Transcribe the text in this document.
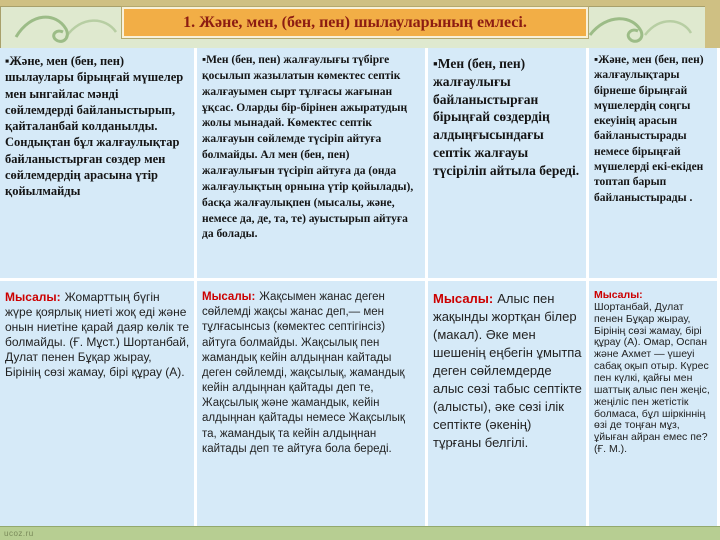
1. Жәнe, мен, (бен, пен) шылауларының емлесі.
▪Жәнe, мен (бен, пен) шылаулары бірыңғай мүшелер мен ынгайлас мәнді сөйлемдерді байланыстырып, қайталанбай колданылды. Сондықтан бұл жалғаулықтар байланыстырған сөздер мен сөйлемдердің арасына үтір қойылмайды
▪Мен (бен, пен) жалғаулығы түбірге қосылып жазылатын көмектес септік жалғауымен сырт тұлғасы жағынан ұқсас. Оларды бір-бірінен ажыратудың жолы мынадай. Көмектес септік жалғауын сөйлемде түсіріп айтуға болмайды. Ал мен (бен, пен) жалғаулығын түсіріп айтуға да (онда жалғаулықтың орнына үтір қойылады), басқа жалғаулықпен (мысалы, және, немесе да, де, та, те) ауыстырып айтуға да болады.
▪Мен (бен, пен) жалғаулығы байланыстырған бірыңғай сөздердің алдыңғысындағы септік жалғауы түсіріліп айтыла береді.
▪Жәнe, мен (бен, пен) жалғаулықтары бірнеше бірыңғай мүшелердің соңгы екеуінің арасын байланыстырады немесе бірыңғай мүшелерді екі-екіден топтап барып байланыстырады .
Мысалы: Жомарттың бүгін жүре қоярлық ниеті жоқ еді және онын ниетіне қарай даяр көлік те болмайды. (Ғ. Мұст.) Шортанбай, Дулат пенен Бұқар жырау, Бірінің сөзі жамау, бірі құрау (А).
Мысалы: Жақсымен жанас деген сөйлемді жақсы жанас деп,— мен тұлғасынсыз (көмектес септігінсіз) айтуга болмайды. Жақсылық пен жамандық кейін алдыңнан кайтады деген сөйлемді, жақсылық, жамандық кейін алдыңнан қайтады деп те, Жақсылық және жамандык, кейін алдыңнан қайтады немесе Жақсылық та, жамандық та кейін алдыңнан кайтады деп те айтуға бола береді.
Мысалы: Алыс пен жақынды жортқан білер (макал). Әке мен шешенің еңбегін ұмытпа деген сөйлемдерде алыс сөзі табыс септікте (алысты), әке сөзі ілік септікте (әкенің) тұрғаны белгілі.
Мысалы:
Шортанбай, Дулат пенен Бұқар жырау, Бірінің сөзі жамау, бірі құрау (А). Омар, Оспан жәнe Ахмет — үшеуі сабақ оқып отыр. Күрес пен күлкі, қайғы мен шаттық алыс пен жеңіс, жеңіліс пен жетістік болмаса, бұл шіркіннің өзі де тоңған мұз, ұйыған айран емес пе? (Ғ. М.).
ucoz.ru
